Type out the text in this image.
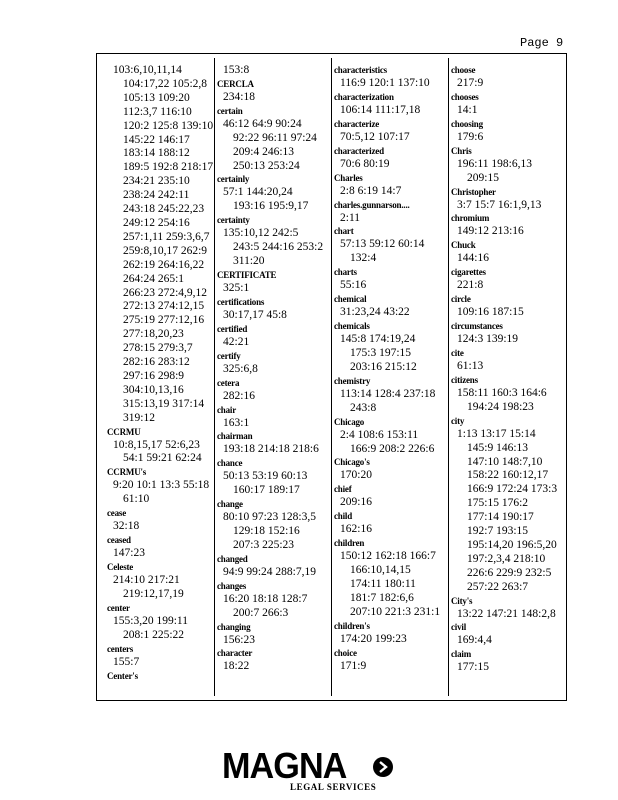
Page 9
103:6,10,11,14
104:17,22 105:2,8
105:13 109:20
112:3,7 116:10
120:2 125:8 139:10
145:22 146:17
183:14 188:12
189:5 192:8 218:17
234:21 235:10
238:24 242:11
243:18 245:22,23
249:12 254:16
257:1,11 259:3,6,7
259:8,10,17 262:9
262:19 264:16,22
264:24 265:1
266:23 272:4,9,12
272:13 274:12,15
275:19 277:12,16
277:18,20,23
278:15 279:3,7
282:16 283:12
297:16 298:9
304:10,13,16
315:13,19 317:14
319:12
CCRMU
10:8,15,17 52:6,23
54:1 59:21 62:24
CCRMU's
9:20 10:1 13:3 55:18
61:10
cease
32:18
ceased
147:23
Celeste
214:10 217:21
219:12,17,19
center
155:3,20 199:11
208:1 225:22
centers
155:7
Center's
153:8
CERCLA
234:18
certain
46:12 64:9 90:24
92:22 96:11 97:24
209:4 246:13
250:13 253:24
certainly
57:1 144:20,24
193:16 195:9,17
certainty
135:10,12 242:5
243:5 244:16 253:2
311:20
CERTIFICATE
325:1
certifications
30:17,17 45:8
certified
42:21
certify
325:6,8
cetera
282:16
chair
163:1
chairman
193:18 214:18 218:6
chance
50:13 53:19 60:13
160:17 189:17
change
80:10 97:23 128:3,5
129:18 152:16
207:3 225:23
changed
94:9 99:24 288:7,19
changes
16:20 18:18 128:7
200:7 266:3
changing
156:23
character
18:22
characteristics
116:9 120:1 137:10
characterization
106:14 111:17,18
characterize
70:5,12 107:17
characterized
70:6 80:19
Charles
2:8 6:19 14:7
charles.gunnarson....
2:11
chart
57:13 59:12 60:14
132:4
charts
55:16
chemical
31:23,24 43:22
chemicals
145:8 174:19,24
175:3 197:15
203:16 215:12
chemistry
113:14 128:4 237:18
243:8
Chicago
2:4 108:6 153:11
166:9 208:2 226:6
Chicago's
170:20
chief
209:16
child
162:16
children
150:12 162:18 166:7
166:10,14,15
174:11 180:11
181:7 182:6,6
207:10 221:3 231:1
children's
174:20 199:23
choice
171:9
choose
217:9
chooses
14:1
choosing
179:6
Chris
196:11 198:6,13
209:15
Christopher
3:7 15:7 16:1,9,13
chromium
149:12 213:16
Chuck
144:16
cigarettes
221:8
circle
109:16 187:15
circumstances
124:3 139:19
cite
61:13
citizens
158:11 160:3 164:6
194:24 198:23
city
1:13 13:17 15:14
145:9 146:13
147:10 148:7,10
158:22 160:12,17
166:9 172:24 173:3
175:15 176:2
177:14 190:17
192:7 193:15
195:14,20 196:5,20
197:2,3,4 218:10
226:6 229:9 232:5
257:22 263:7
City's
13:22 147:21 148:2,8
civil
169:4,4
claim
177:15
MAGNA
LEGAL SERVICES
